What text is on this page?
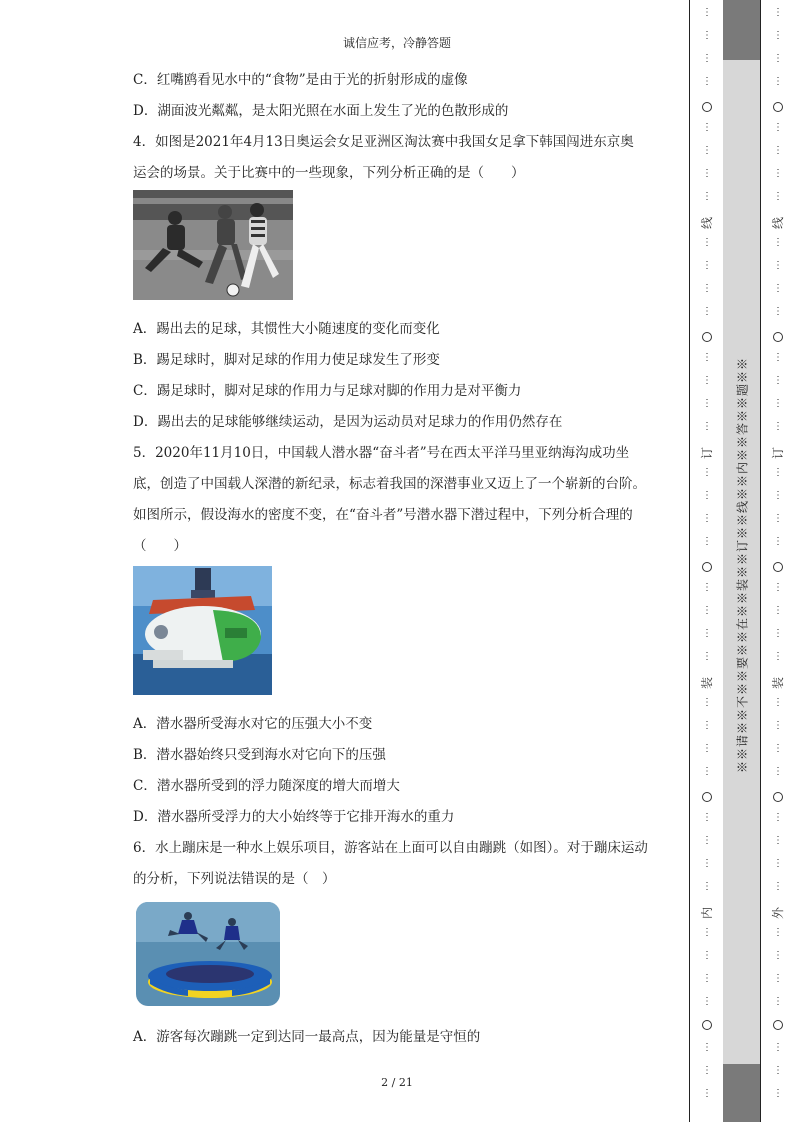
诚信应考，冷静答题
C．红嘴鸥看见水中的“食物”是由于光的折射形成的虚像
D．湖面波光粼粼，是太阳光照在水面上发生了光的色散形成的
4．如图是2021年4月13日奥运会女足亚洲区淘汰赛中我国女足拿下韩国闯进东京奥
运会的场景。关于比赛中的一些现象，下列分析正确的是（　　）
A．踢出去的足球，其惯性大小随速度的变化而变化
B．踢足球时，脚对足球的作用力使足球发生了形变
C．踢足球时，脚对足球的作用力与足球对脚的作用力是对平衡力
D．踢出去的足球能够继续运动，是因为运动员对足球力的作用仍然存在
5．2020年11月10日，中国载人潜水器“奋斗者”号在西太平洋马里亚纳海沟成功坐
底，创造了中国载人深潜的新纪录，标志着我国的深潜事业又迈上了一个崭新的台阶。
如图所示，假设海水的密度不变，在“奋斗者”号潜水器下潜过程中，下列分析合理的
（　　）
A．潜水器所受海水对它的压强大小不变
B．潜水器始终只受到海水对它向下的压强
C．潜水器所受到的浮力随深度的增大而增大
D．潜水器所受浮力的大小始终等于它排开海水的重力
6．水上蹦床是一种水上娱乐项目，游客站在上面可以自由蹦跳（如图）。对于蹦床运动
的分析，下列说法错误的是（　）
A．游客每次蹦跳一定到达同一最高点，因为能量是守恒的
2 / 21
※※请※※不※※要※※在※※装※※订※※线※※内※※答※※题※※
⋮
⋮
⋮
⋮
⋮
⋮
⋮
⋮
⋮
⋮
⋮
⋮
⋮
⋮
⋮
⋮
⋮
⋮
⋮
⋮
⋮
⋮
⋮
⋮
⋮
⋮
⋮
⋮
⋮
⋮
⋮
⋮
⋮
⋮
⋮
⋮
⋮
⋮
⋮
线
订
装
内
⋮
⋮
⋮
⋮
⋮
⋮
⋮
⋮
⋮
⋮
⋮
⋮
⋮
⋮
⋮
⋮
⋮
⋮
⋮
⋮
⋮
⋮
⋮
⋮
⋮
⋮
⋮
⋮
⋮
⋮
⋮
⋮
⋮
⋮
⋮
⋮
⋮
⋮
⋮
线
订
装
外
